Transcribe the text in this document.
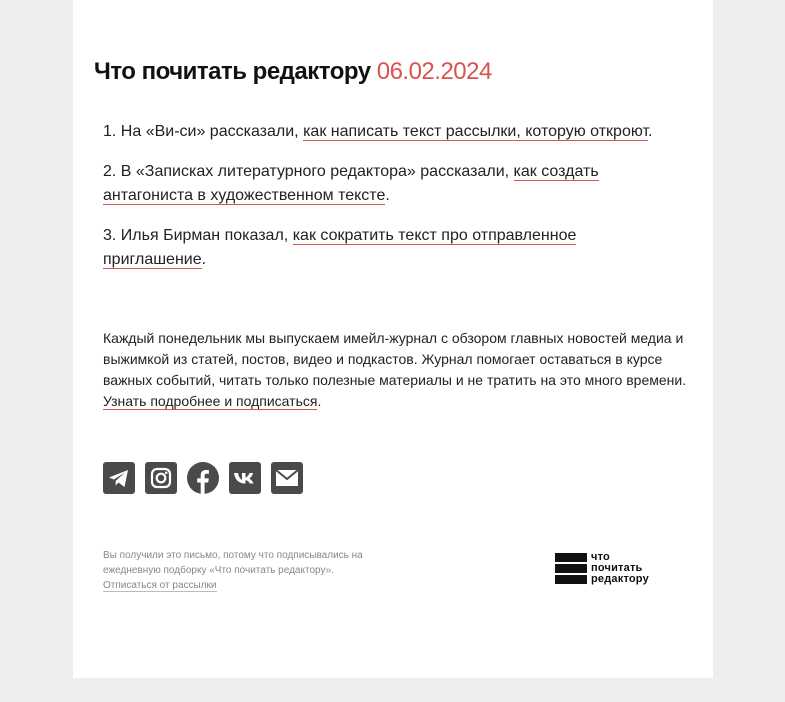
Что почитать редактору 06.02.2024

1. На «Ви-си» рассказали, как написать текст рассылки, которую откроют.

2. В «Записках литературного редактора» рассказали, как создать антагониста в художественном тексте.

3. Илья Бирман показал, как сократить текст про отправленное приглашение.

Каждый понедельник мы выпускаем имейл-журнал с обзором главных новостей медиа и выжимкой из статей, постов, видео и подкастов. Журнал помогает оставаться в курсе важных событий, читать только полезные материалы и не тратить на это много времени. Узнать подробнее и подписаться.

Вы получили это письмо, потому что подписывались на ежедневную подборку «Что почитать редактору».
Отписаться от рассылки

что
почитать
редактору
